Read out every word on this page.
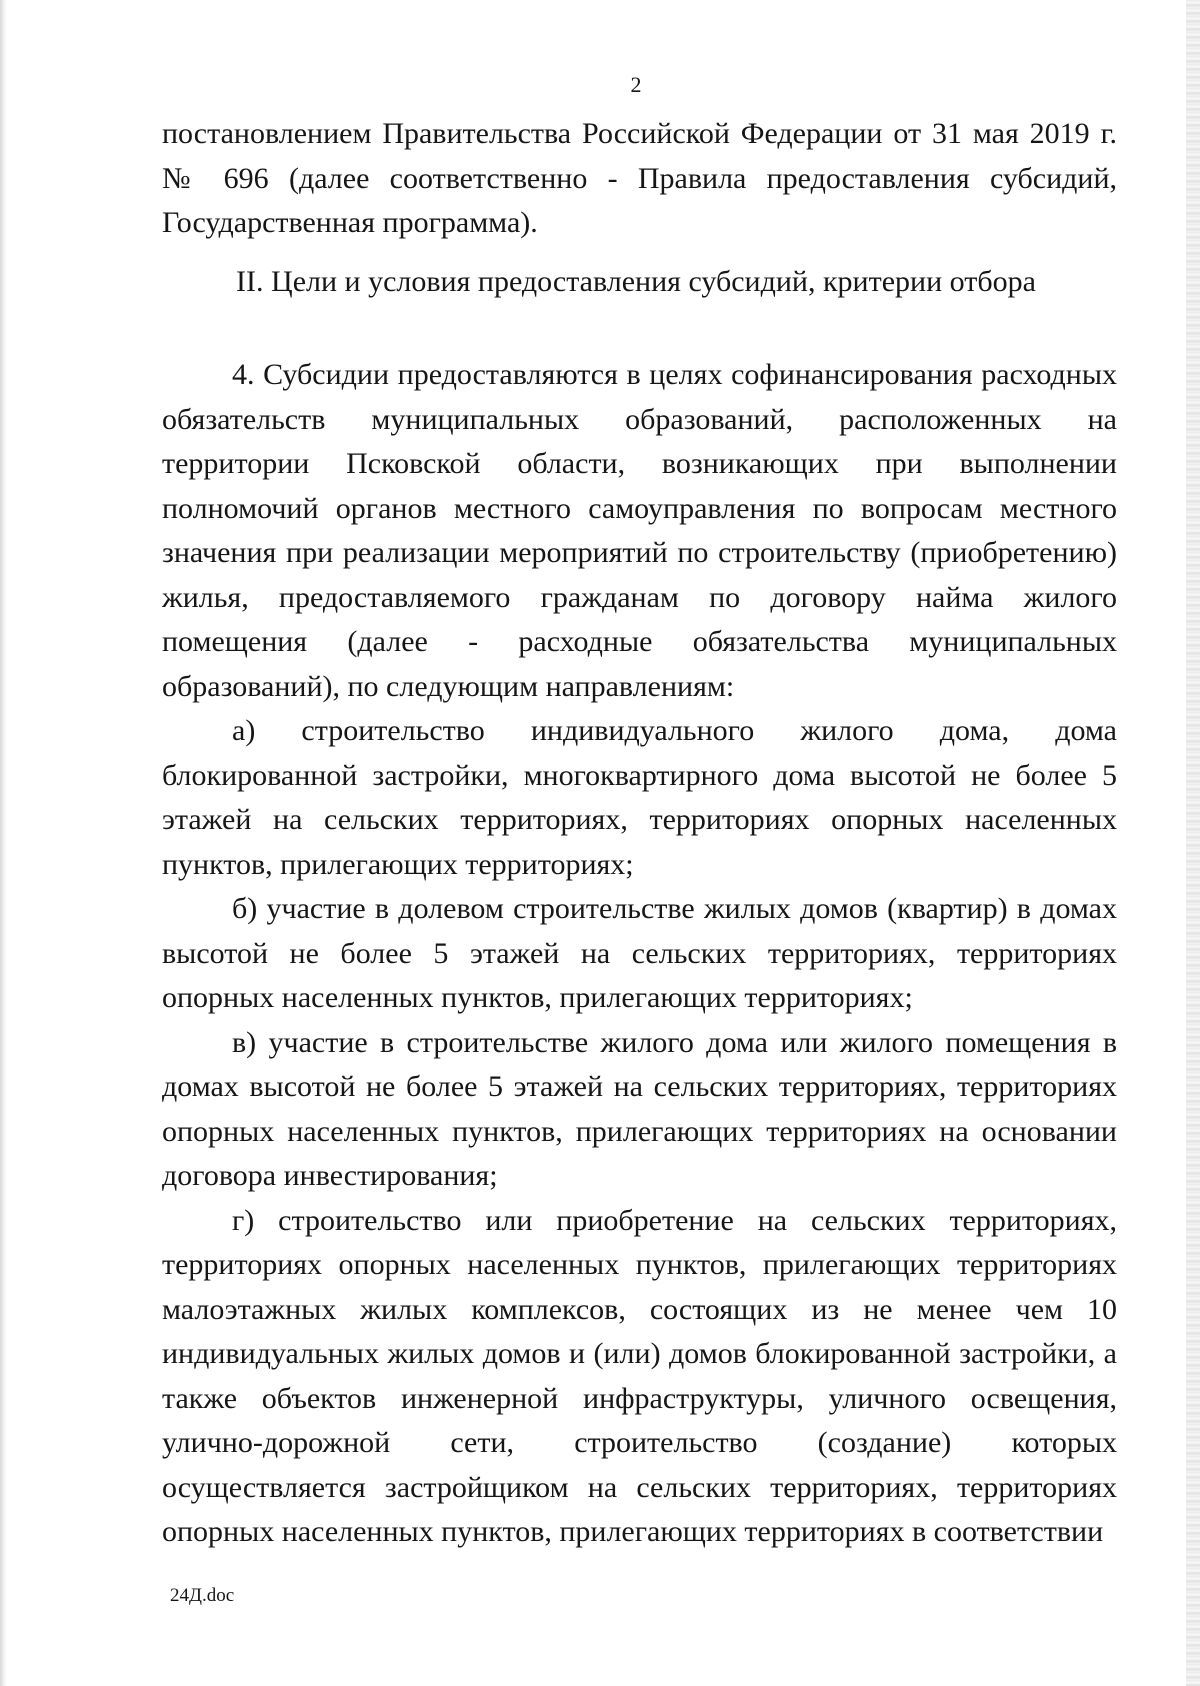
2

постановлением Правительства Российской Федерации от 31 мая 2019 г. № 696 (далее соответственно - Правила предоставления субсидий, Государственная программа).

II. Цели и условия предоставления субсидий, критерии отбора

4. Субсидии предоставляются в целях софинансирования расходных обязательств муниципальных образований, расположенных на территории Псковской области, возникающих при выполнении полномочий органов местного самоуправления по вопросам местного значения при реализации мероприятий по строительству (приобретению) жилья, предоставляемого гражданам по договору найма жилого помещения (далее - расходные обязательства муниципальных образований), по следующим направлениям:

а) строительство индивидуального жилого дома, дома блокированной застройки, многоквартирного дома высотой не более 5 этажей на сельских территориях, территориях опорных населенных пунктов, прилегающих территориях;

б) участие в долевом строительстве жилых домов (квартир) в домах высотой не более 5 этажей на сельских территориях, территориях опорных населенных пунктов, прилегающих территориях;

в) участие в строительстве жилого дома или жилого помещения в домах высотой не более 5 этажей на сельских территориях, территориях опорных населенных пунктов, прилегающих территориях на основании договора инвестирования;

г) строительство или приобретение на сельских территориях, территориях опорных населенных пунктов, прилегающих территориях малоэтажных жилых комплексов, состоящих из не менее чем 10 индивидуальных жилых домов и (или) домов блокированной застройки, а также объектов инженерной инфраструктуры, уличного освещения, улично-дорожной сети, строительство (создание) которых осуществляется застройщиком на сельских территориях, территориях опорных населенных пунктов, прилегающих территориях в соответствии

24Д.doc
